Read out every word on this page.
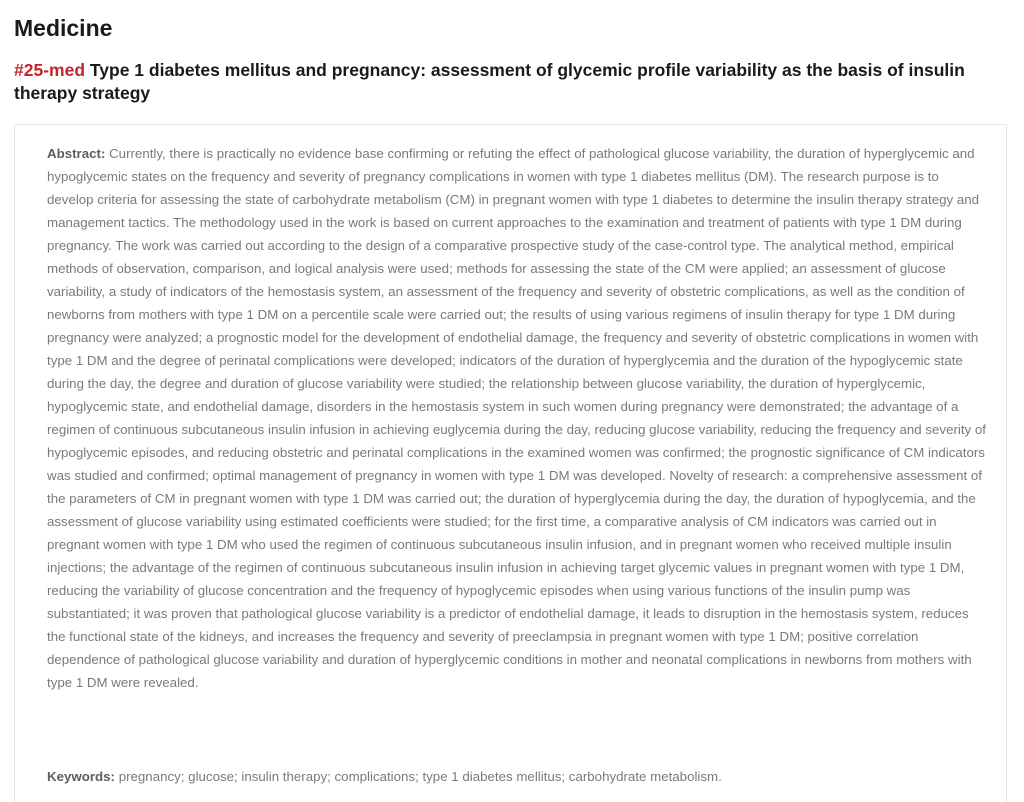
Medicine
#25-med Type 1 diabetes mellitus and pregnancy: assessment of glycemic profile variability as the basis of insulin therapy strategy

Abstract: Currently, there is practically no evidence base confirming or refuting the effect of pathological glucose variability, the duration of hyperglycemic and hypoglycemic states on the frequency and severity of pregnancy complications in women with type 1 diabetes mellitus (DM). The research purpose is to develop criteria for assessing the state of carbohydrate metabolism (CM) in pregnant women with type 1 diabetes to determine the insulin therapy strategy and management tactics. The methodology used in the work is based on current approaches to the examination and treatment of patients with type 1 DM during pregnancy. The work was carried out according to the design of a comparative prospective study of the case-control type. The analytical method, empirical methods of observation, comparison, and logical analysis were used; methods for assessing the state of the CM were applied; an assessment of glucose variability, a study of indicators of the hemostasis system, an assessment of the frequency and severity of obstetric complications, as well as the condition of newborns from mothers with type 1 DM on a percentile scale were carried out; the results of using various regimens of insulin therapy for type 1 DM during pregnancy were analyzed; a prognostic model for the development of endothelial damage, the frequency and severity of obstetric complications in women with type 1 DM and the degree of perinatal complications were developed; indicators of the duration of hyperglycemia and the duration of the hypoglycemic state during the day, the degree and duration of glucose variability were studied; the relationship between glucose variability, the duration of hyperglycemic, hypoglycemic state, and endothelial damage, disorders in the hemostasis system in such women during pregnancy were demonstrated; the advantage of a regimen of continuous subcutaneous insulin infusion in achieving euglycemia during the day, reducing glucose variability, reducing the frequency and severity of hypoglycemic episodes, and reducing obstetric and perinatal complications in the examined women was confirmed; the prognostic significance of CM indicators was studied and confirmed; optimal management of pregnancy in women with type 1 DM was developed. Novelty of research: a comprehensive assessment of the parameters of CM in pregnant women with type 1 DM was carried out; the duration of hyperglycemia during the day, the duration of hypoglycemia, and the assessment of glucose variability using estimated coefficients were studied; for the first time, a comparative analysis of CM indicators was carried out in pregnant women with type 1 DM who used the regimen of continuous subcutaneous insulin infusion, and in pregnant women who received multiple insulin injections; the advantage of the regimen of continuous subcutaneous insulin infusion in achieving target glycemic values in pregnant women with type 1 DM, reducing the variability of glucose concentration and the frequency of hypoglycemic episodes when using various functions of the insulin pump was substantiated; it was proven that pathological glucose variability is a predictor of endothelial damage, it leads to disruption in the hemostasis system, reduces the functional state of the kidneys, and increases the frequency and severity of preeclampsia in pregnant women with type 1 DM; positive correlation dependence of pathological glucose variability and duration of hyperglycemic conditions in mother and neonatal complications in newborns from mothers with type 1 DM were revealed.

Keywords: pregnancy; glucose; insulin therapy; complications; type 1 diabetes mellitus; carbohydrate metabolism.
